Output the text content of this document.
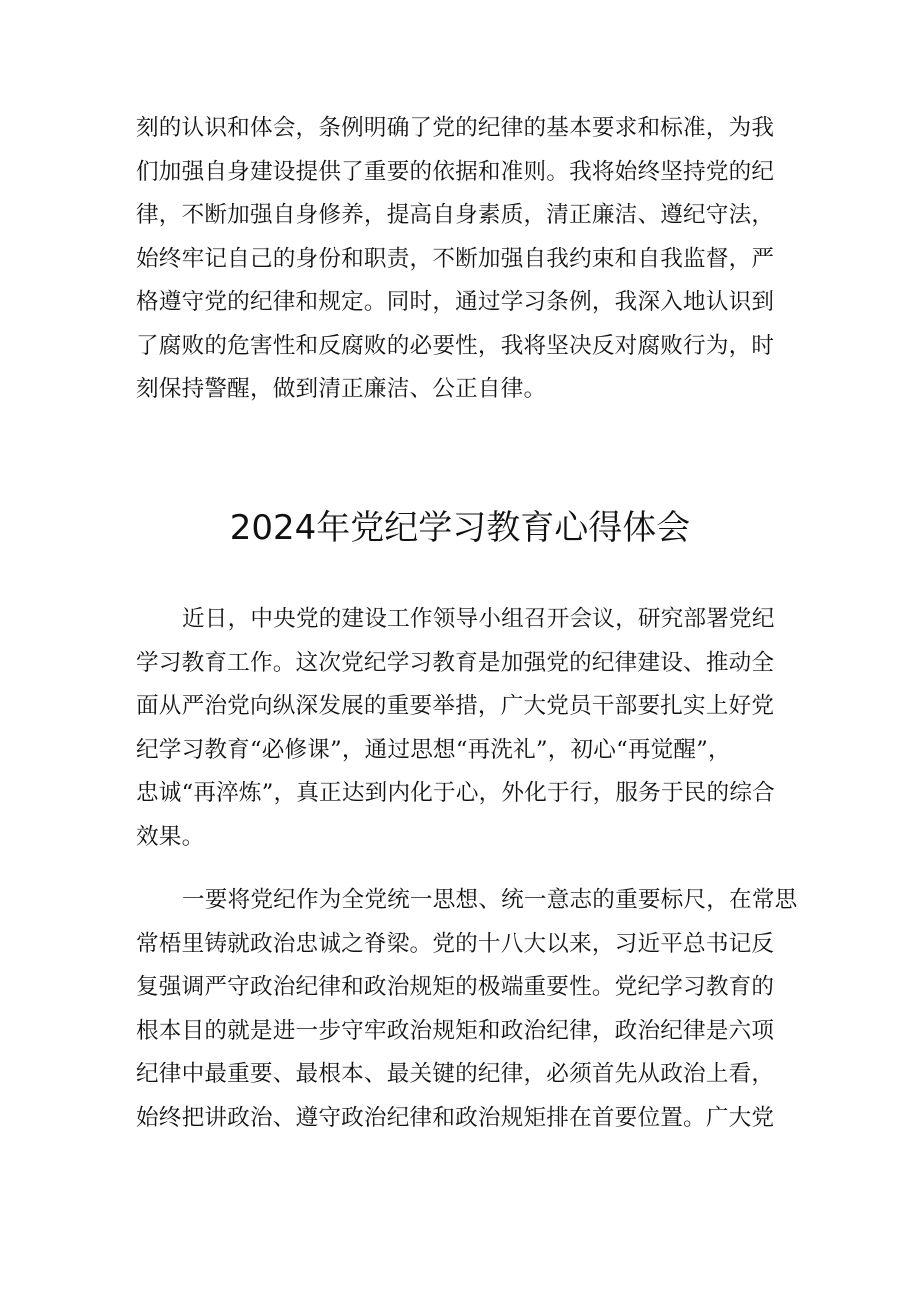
刻的认识和体会，条例明确了党的纪律的基本要求和标准，为我
们加强自身建设提供了重要的依据和准则。我将始终坚持党的纪
律，不断加强自身修养，提高自身素质，清正廉洁、遵纪守法，
始终牢记自己的身份和职责，不断加强自我约束和自我监督，严
格遵守党的纪律和规定。同时，通过学习条例，我深入地认识到
了腐败的危害性和反腐败的必要性，我将坚决反对腐败行为，时
刻保持警醒，做到清正廉洁、公正自律。
2024年党纪学习教育心得体会
近日，中央党的建设工作领导小组召开会议，研究部署党纪
学习教育工作。这次党纪学习教育是加强党的纪律建设、推动全
面从严治党向纵深发展的重要举措，广大党员干部要扎实上好党
纪学习教育“必修课”，通过思想“再洗礼”，初心“再觉醒”，
忠诚“再淬炼”，真正达到内化于心，外化于行，服务于民的综合
效果。
一要将党纪作为全党统一思想、统一意志的重要标尺，在常思
常梧里铸就政治忠诚之脊梁。党的十八大以来，习近平总书记反
复强调严守政治纪律和政治规矩的极端重要性。党纪学习教育的
根本目的就是进一步守牢政治规矩和政治纪律，政治纪律是六项
纪律中最重要、最根本、最关键的纪律，必须首先从政治上看，
始终把讲政治、遵守政治纪律和政治规矩排在首要位置。广大党
